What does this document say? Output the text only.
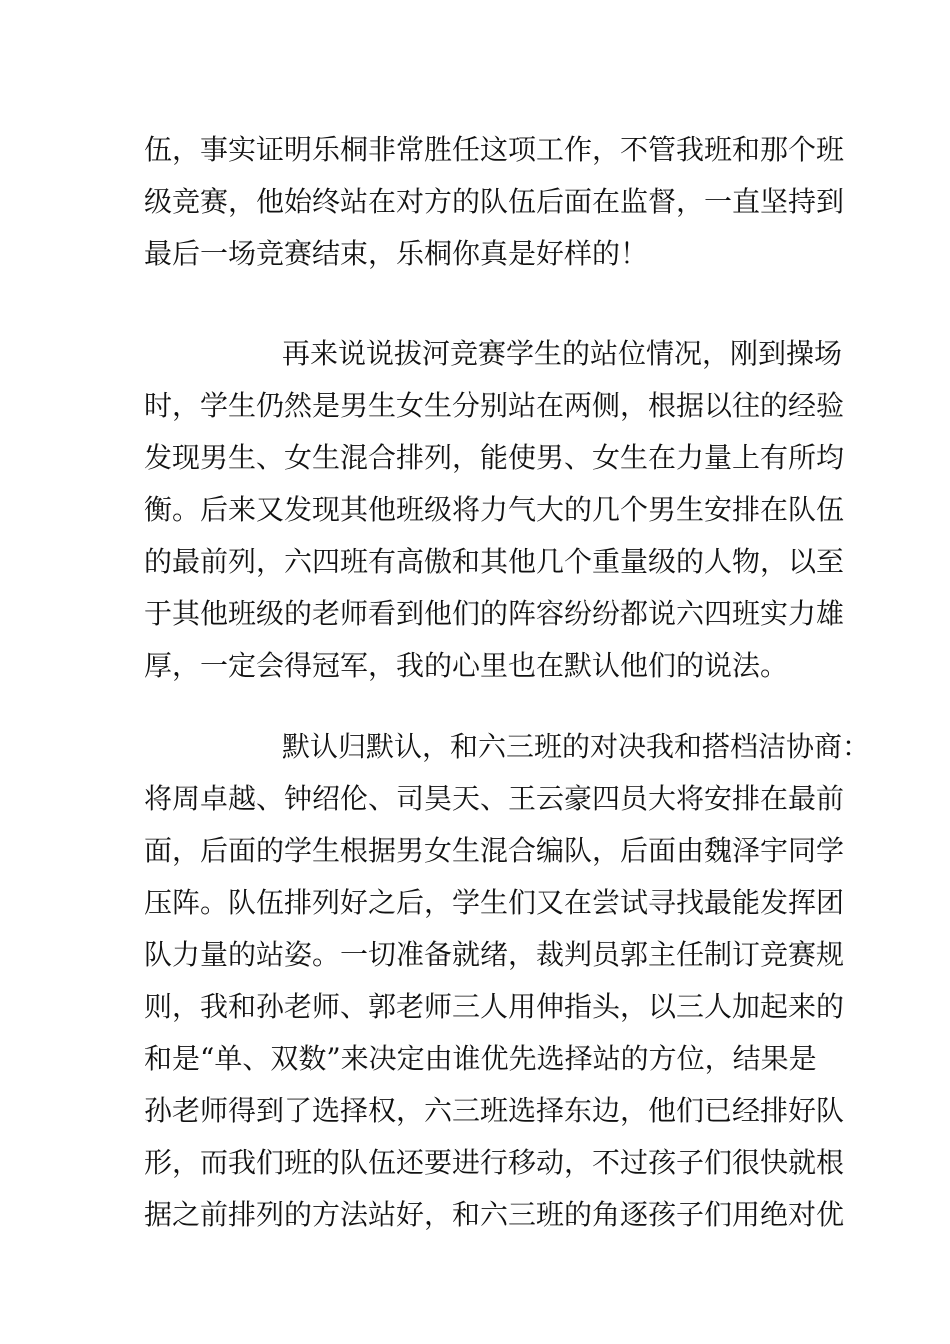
伍，事实证明乐桐非常胜任这项工作，不管我班和那个班
级竞赛，他始终站在对方的队伍后面在监督，一直坚持到
最后一场竞赛结束，乐桐你真是好样的！
再来说说拔河竞赛学生的站位情况，刚到操场
时，学生仍然是男生女生分别站在两侧，根据以往的经验
发现男生、女生混合排列，能使男、女生在力量上有所均
衡。后来又发现其他班级将力气大的几个男生安排在队伍
的最前列，六四班有高傲和其他几个重量级的人物，以至
于其他班级的老师看到他们的阵容纷纷都说六四班实力雄
厚，一定会得冠军，我的心里也在默认他们的说法。
默认归默认，和六三班的对决我和搭档洁协商：
将周卓越、钟绍伦、司昊天、王云豪四员大将安排在最前
面，后面的学生根据男女生混合编队，后面由魏泽宇同学
压阵。队伍排列好之后，学生们又在尝试寻找最能发挥团
队力量的站姿。一切准备就绪，裁判员郭主任制订竞赛规
则，我和孙老师、郭老师三人用伸指头，以三人加起来的
和是“单、双数”来决定由谁优先选择站的方位，结果是
孙老师得到了选择权，六三班选择东边，他们已经排好队
形，而我们班的队伍还要进行移动，不过孩子们很快就根
据之前排列的方法站好，和六三班的角逐孩子们用绝对优
